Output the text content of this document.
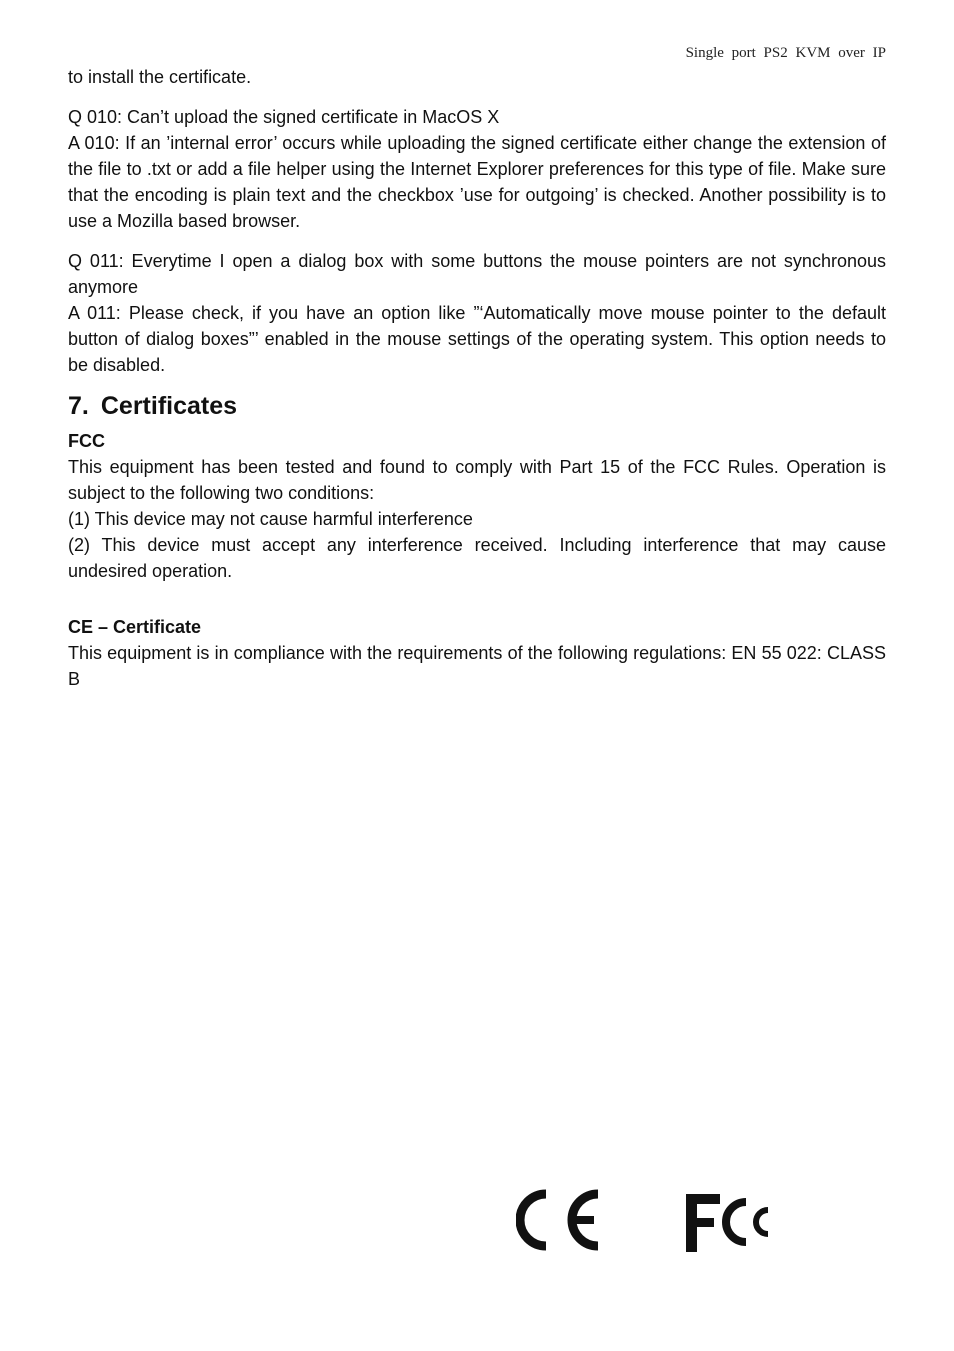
Single port PS2 KVM over IP

to install the certificate.

Q 010: Can’t upload the signed certificate in MacOS X

A 010: If an ’internal error’ occurs while uploading the signed certificate either change the extension of the file to .txt or add a file helper using the Internet Explorer preferences for this type of file. Make sure that the encoding is plain text and the checkbox ’use for outgoing’ is checked. Another possibility is to use a Mozilla based browser.

Q 011: Everytime I open a dialog box with some buttons the mouse pointers are not synchronous anymore

A 011: Please check, if you have an option like ”‘Automatically move mouse pointer to the default button of dialog boxes”’ enabled in the mouse settings of the operating system. This option needs to be disabled.

7. Certificates
FCC

This equipment has been tested and found to comply with Part 15 of the FCC Rules. Operation is subject to the following two conditions:

(1) This device may not cause harmful interference

(2) This device must accept any interference received. Including interference that may cause undesired operation.

CE – Certificate

This equipment is in compliance with the requirements of the following regulations: EN 55 022: CLASS B
